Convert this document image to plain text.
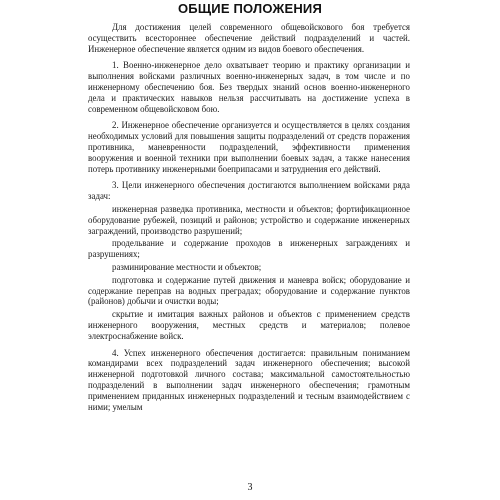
ОБЩИЕ ПОЛОЖЕНИЯ

Для достижения целей современного общевойскового боя требуется осуществить всестороннее обеспечение действий подразделений и частей. Инженерное обеспечение является одним из видов боевого обеспечения.

1. Военно-инженерное дело охватывает теорию и практику организации и выполнения войсками различных военно-инженерных задач, в том числе и по инженерному обеспечению боя. Без твердых знаний основ военно-инженерного дела и практических навыков нельзя рассчитывать на достижение успеха в современном общевойсковом бою.

2. Инженерное обеспечение организуется и осуществляется в целях создания необходимых условий для повышения защиты подразделений от средств поражения противника, маневренности подразделений, эффективности применения вооружения и военной техники при выполнении боевых задач, а также нанесения потерь противнику инженерными боеприпасами и затруднения его действий.

3. Цели инженерного обеспечения достигаются выполнением войсками ряда задач:

инженерная разведка противника, местности и объектов; фортификационное оборудование рубежей, позиций и районов; устройство и содержание инженерных заграждений, производство разрушений;

продельвание и содержание проходов в инженерных заграждениях и разрушениях;

разминирование местности и объектов;

подготовка и содержание путей движения и маневра войск; оборудование и содержание переправ на водных преградах; оборудование и содержание пунктов (районов) добычи и очистки воды;

скрытие и имитация важных районов и объектов с применением средств инженерного вооружения, местных средств и материалов; полевое электроснабжение войск.

4. Успех инженерного обеспечения достигается: правильным пониманием командирами всех подразделений задач инженерного обеспечения; высокой инженерной подготовкой личного состава; максимальной самостоятельностью подразделений в выполнении задач инженерного обеспечения; грамотным применением приданных инженерных подразделений и тесным взаимодействием с ними; умелым

3
